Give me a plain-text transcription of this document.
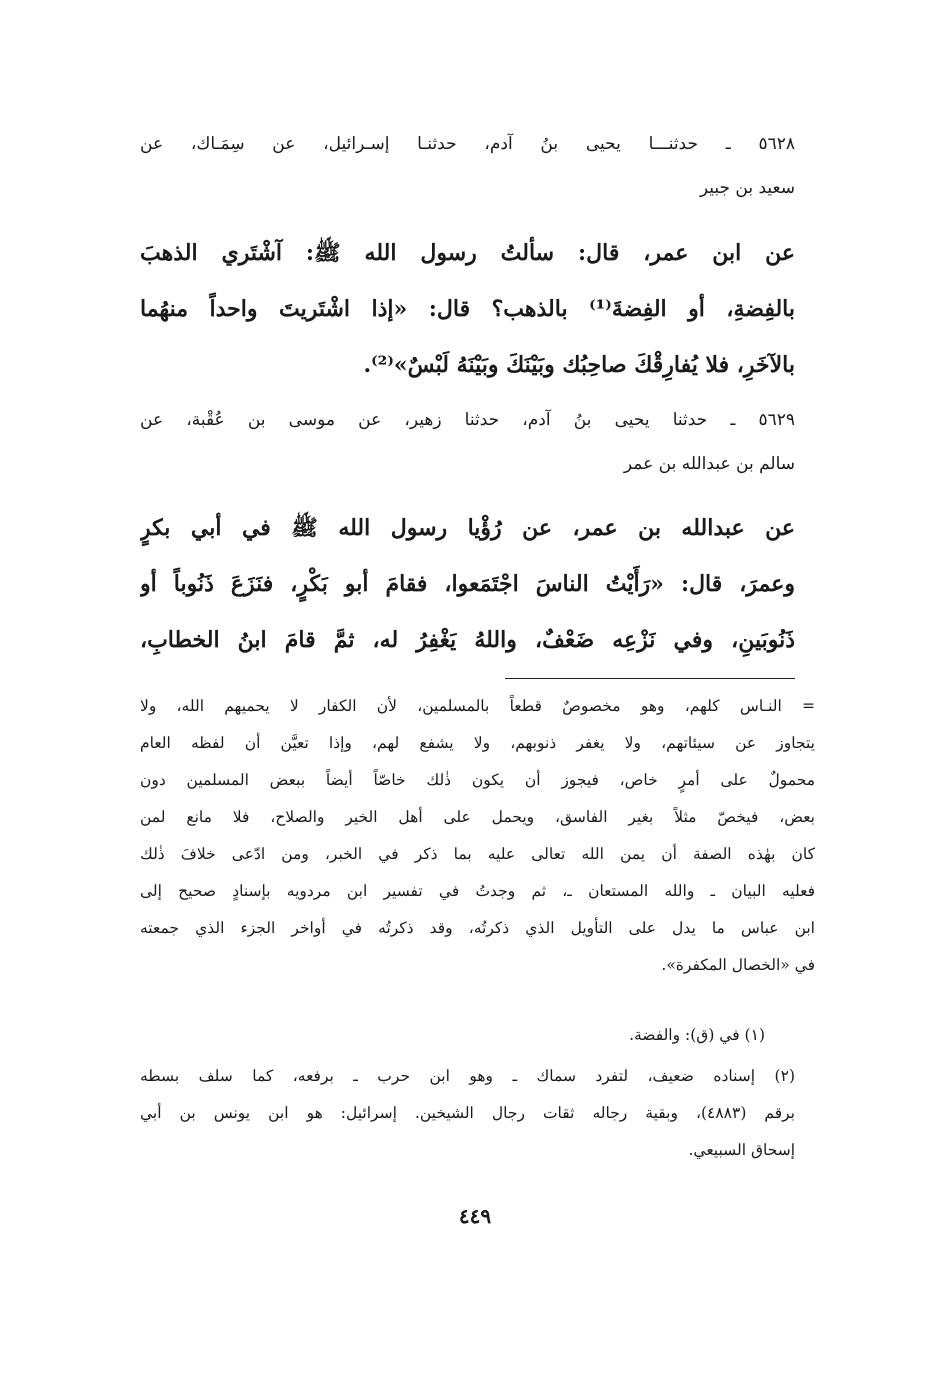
٥٦٢٨ ـ حدثنـــا يحيى بنُ آدم، حدثنـا إسـرائيل، عن سِمَـاك، عن
سعيد بن جبير
عن ابن عمر، قال: سألتُ رسول الله ﷺ: آشْتَري الذهبَ
بالفِضةِ، أو الفِضةَ⁽¹⁾ بالذهب؟ قال: «إذا اشْتَريتَ واحداً منهُما
بالآخَرِ، فلا يُفارِقْكَ صاحِبُك وبَيْنَكَ وبَيْنَهُ لَبْسٌ»⁽²⁾.
٥٦٢٩ ـ حدثنا يحيى بنُ آدم، حدثنا زهير، عن موسى بن عُقْبة، عن
سالم بن عبدالله بن عمر
عن عبدالله بن عمر، عن رُؤْيا رسول الله ﷺ في أبي بكرٍ
وعمرَ، قال: «رَأَيْتُ الناسَ اجْتَمَعوا، فقامَ أبو بَكْرٍ، فنَزَعَ ذَنُوباً أو
ذَنُوبَينِ، وفي نَزْعِه ضَعْفٌ، واللهُ يَغْفِرُ له، ثمَّ قامَ ابنُ الخطابِ،
= النـاس كلهم، وهو مخصوصٌ قطعاً بالمسلمين، لأن الكفار لا يحميهم الله، ولا
يتجاوز عن سيئاتهم، ولا يغفر ذنوبهم، ولا يشفع لهم، وإذا تعيَّن أن لفظه العام
محمولٌ على أمرٍ خاص، فيجوز أن يكون ذٰلك خاصّاً أيضاً ببعض المسلمين دون
بعض، فيخصّ مثلاً بغير الفاسق، ويحمل على أهل الخير والصلاح، فلا مانع لمن
كان بهٰذه الصفة أن يمن الله تعالى عليه بما ذكر في الخبر، ومن ادّعى خلافَ ذٰلك
فعليه البيان ـ والله المستعان ـ، ثم وجدتُ في تفسير ابن مردويه بإسنادٍ صحيح إلى
ابن عباس ما يدل على التأويل الذي ذكرتُه، وقد ذكرتُه في أواخر الجزء الذي جمعته
في «الخصال المكفرة».
(١) في (ق): والفضة.
(٢) إسناده ضعيف، لتفرد سماك ـ وهو ابن حرب ـ برفعه، كما سلف بسطه
برقم (٤٨٨٣)، وبقية رجاله ثقات رجال الشيخين. إسرائيل: هو ابن يونس بن أبي
إسحاق السبيعي.
٤٤٩
